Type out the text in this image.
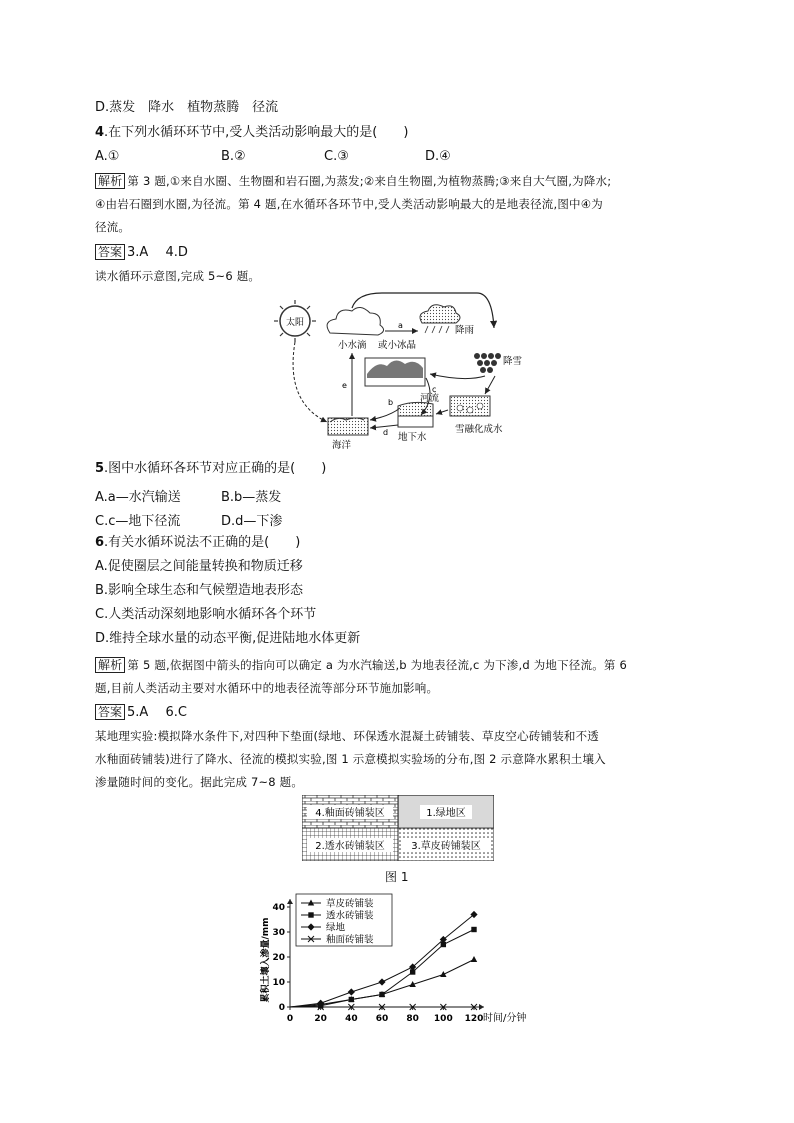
D.蒸发　降水　植物蒸腾　径流
4.在下列水循环环节中,受人类活动影响最大的是(　　)
A.①	B.②	C.③	D.④
解析 第 3 题,①来自水圈、生物圈和岩石圈,为蒸发;②来自生物圈,为植物蒸腾;③来自大气圈,为降水;
④由岩石圈到水圈,为径流。第 4 题,在水循环各环节中,受人类活动影响最大的是地表径流,图中④为
径流。
答案 3.A　 4.D
读水循环示意图,完成 5~6 题。
太阳
小水滴 或小冰晶
降雨
降雪
海洋
河流
地下水
雪融化成水
a
e
b
d
c
5.图中水循环各环节对应正确的是(　　)
A.a—水汽输送	B.b—蒸发
C.c—地下径流	D.d—下渗
6.有关水循环说法不正确的是(　　)
A.促使圈层之间能量转换和物质迁移
B.影响全球生态和气候塑造地表形态
C.人类活动深刻地影响水循环各个环节
D.维持全球水量的动态平衡,促进陆地水体更新
解析 第 5 题,依据图中箭头的指向可以确定 a 为水汽输送,b 为地表径流,c 为下渗,d 为地下径流。第 6
题,目前人类活动主要对水循环中的地表径流等部分环节施加影响。
答案 5.A　 6.C
某地理实验:模拟降水条件下,对四种下垫面(绿地、环保透水混凝土砖铺装、草皮空心砖铺装和不透
水釉面砖铺装)进行了降水、径流的模拟实验,图 1 示意模拟实验场的分布,图 2 示意降水累积土壤入
渗量随时间的变化。据此完成 7~8 题。
4.釉面砖铺装区	1.绿地区
2.透水砖铺装区	3.草皮砖铺装区
图 1
0 20 40 60 80 100 120
0
10
20
30
40	草皮砖铺装
透水砖铺装
绿地
釉面砖铺装
累积土壤入渗量/mm
时间/分钟
